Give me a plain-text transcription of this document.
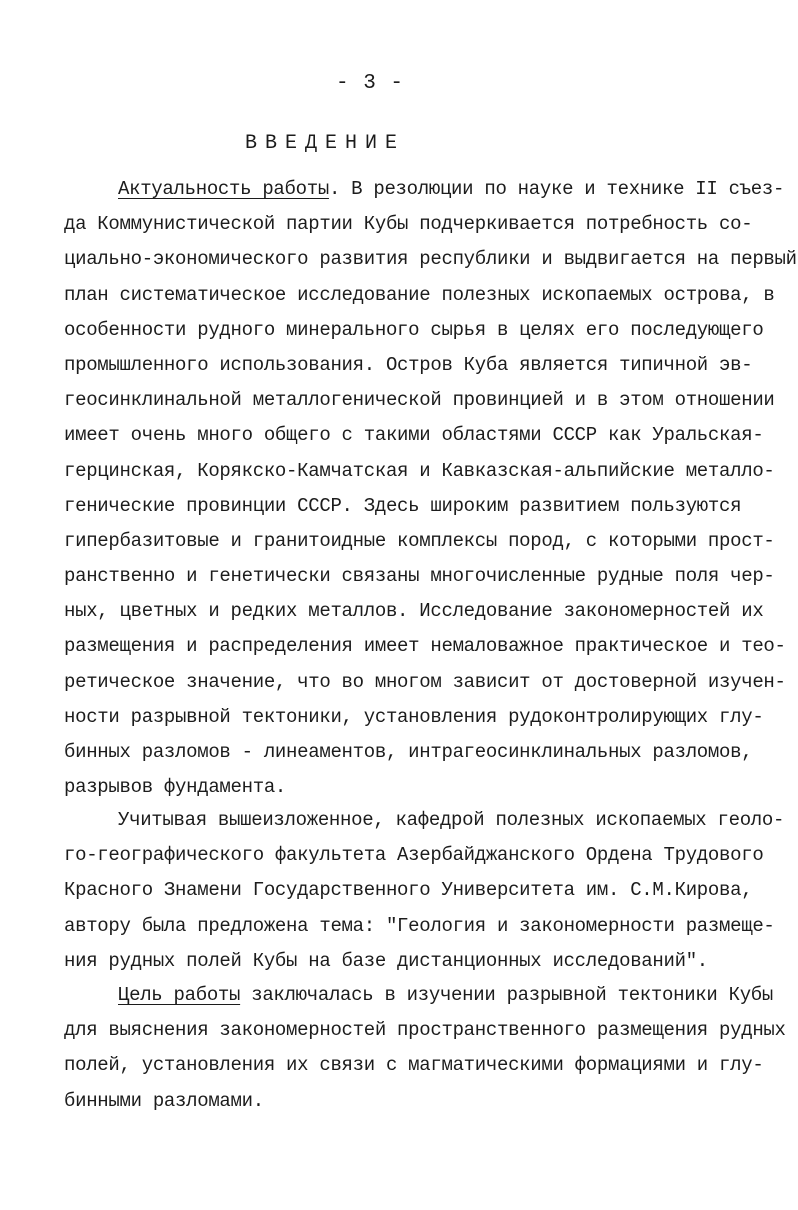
- 3 -
ВВЕДЕНИЕ
Актуальность работы. В резолюции по науке и технике II съез-
да Коммунистической партии Кубы подчеркивается потребность со-
циально-экономического развития республики и выдвигается на первый
план систематическое исследование полезных ископаемых острова, в
особенности рудного минерального сырья в целях его последующего
промышленного использования. Остров Куба является типичной эв-
геосинклинальной металлогенической провинцией и в этом отношении
имеет очень много общего с такими областями СССР как Уральская-
герцинская, Корякско-Камчатская и Кавказская-альпийские металло-
генические провинции СССР. Здесь широким развитием пользуются
гипербазитовые и гранитоидные комплексы пород, с которыми прост-
ранственно и генетически связаны многочисленные рудные поля чер-
ных, цветных и редких металлов. Исследование закономерностей их
размещения и распределения имеет немаловажное практическое и тео-
ретическое значение, что во многом зависит от достоверной изучен-
ности разрывной тектоники, установления рудоконтролирующих глу-
бинных разломов - линеаментов, интрагеосинклинальных разломов,
разрывов фундамента.
Учитывая вышеизложенное, кафедрой полезных ископаемых геоло-
го-географического факультета Азербайджанского Ордена Трудового
Красного Знамени Государственного Университета им. С.М.Кирова,
автору была предложена тема: "Геология и закономерности размеще-
ния рудных полей Кубы на базе дистанционных исследований".
Цель работы заключалась в изучении разрывной тектоники Кубы
для выяснения закономерностей пространственного размещения рудных
полей, установления их связи с магматическими формациями и глу-
бинными разломами.
